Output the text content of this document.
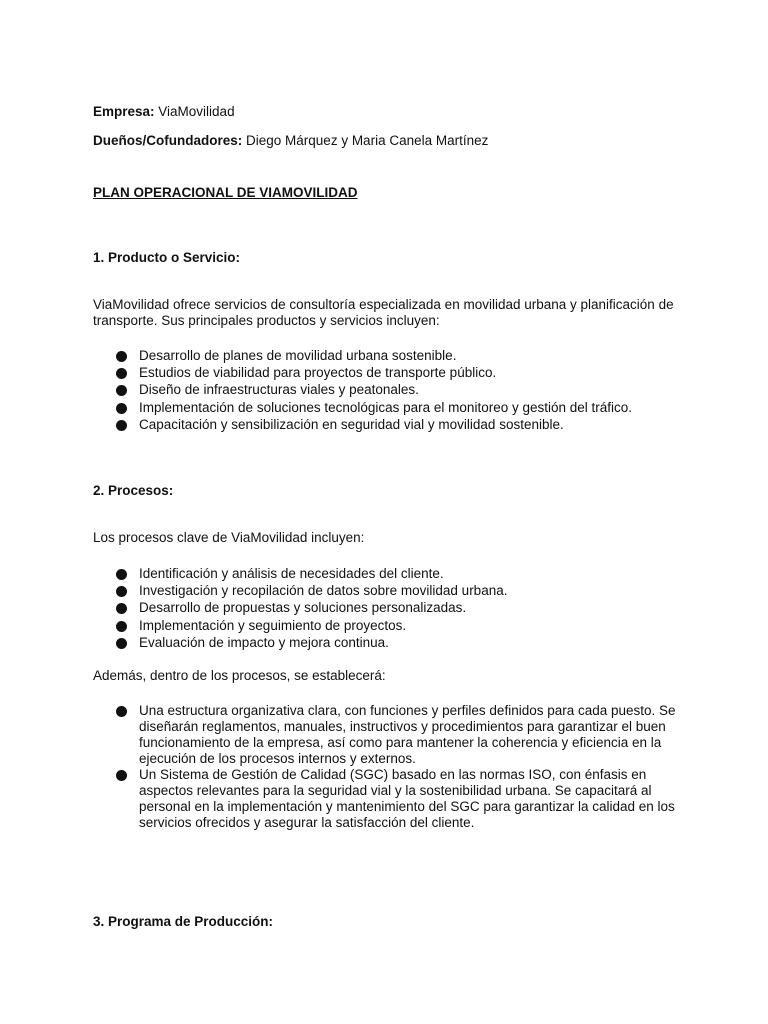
Empresa: ViaMovilidad
Dueños/Cofundadores: Diego Márquez y Maria Canela Martínez
PLAN OPERACIONAL DE VIAMOVILIDAD
1. Producto o Servicio:
ViaMovilidad ofrece servicios de consultoría especializada en movilidad urbana y planificación de transporte. Sus principales productos y servicios incluyen:
Desarrollo de planes de movilidad urbana sostenible.
Estudios de viabilidad para proyectos de transporte público.
Diseño de infraestructuras viales y peatonales.
Implementación de soluciones tecnológicas para el monitoreo y gestión del tráfico.
Capacitación y sensibilización en seguridad vial y movilidad sostenible.
2. Procesos:
Los procesos clave de ViaMovilidad incluyen:
Identificación y análisis de necesidades del cliente.
Investigación y recopilación de datos sobre movilidad urbana.
Desarrollo de propuestas y soluciones personalizadas.
Implementación y seguimiento de proyectos.
Evaluación de impacto y mejora continua.
Además, dentro de los procesos, se establecerá:
Una estructura organizativa clara, con funciones y perfiles definidos para cada puesto. Se diseñarán reglamentos, manuales, instructivos y procedimientos para garantizar el buen funcionamiento de la empresa, así como para mantener la coherencia y eficiencia en la ejecución de los procesos internos y externos.
Un Sistema de Gestión de Calidad (SGC) basado en las normas ISO, con énfasis en aspectos relevantes para la seguridad vial y la sostenibilidad urbana. Se capacitará al personal en la implementación y mantenimiento del SGC para garantizar la calidad en los servicios ofrecidos y asegurar la satisfacción del cliente.
3. Programa de Producción:
